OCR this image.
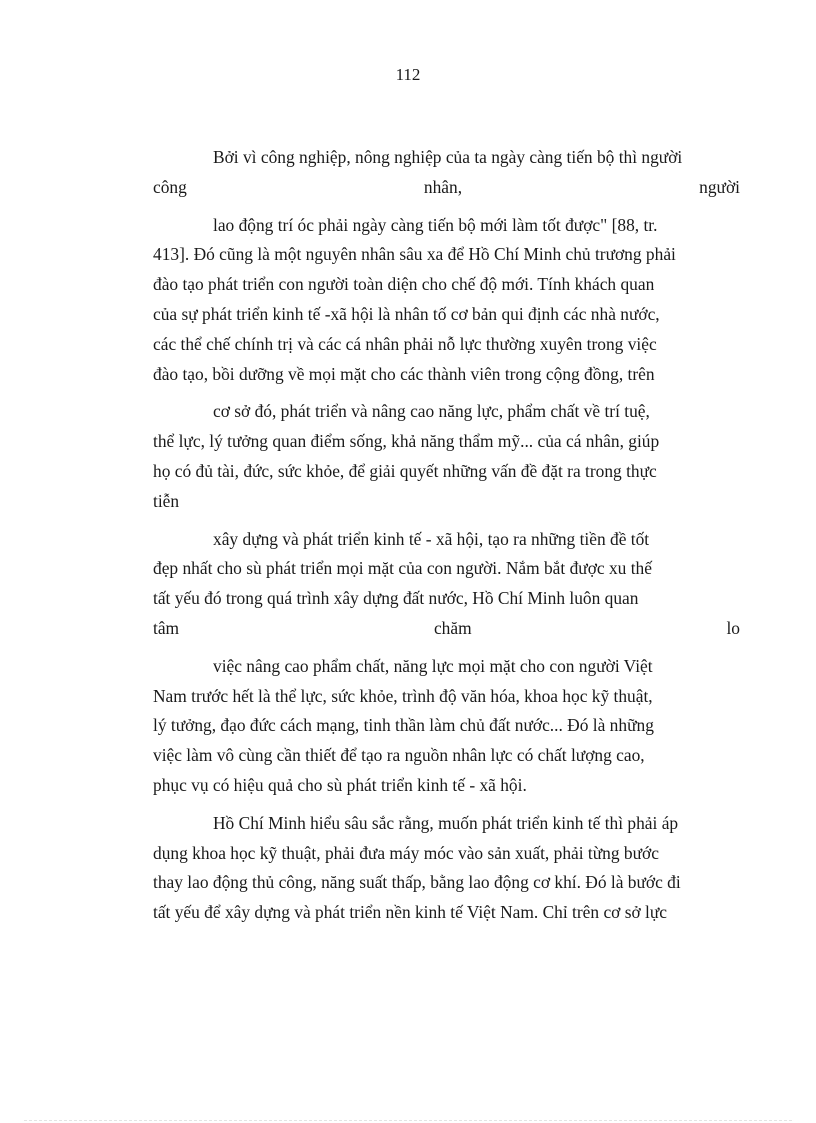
112
Bởi vì công nghiệp, nông nghiệp của ta ngày càng tiến bộ thì người
công	nhân,	người
lao động trí óc phải ngày càng tiến bộ mới làm tốt được" [88, tr.
413]. Đó cũng là một nguyên nhân sâu xa để Hồ Chí Minh chủ trương phải
đào tạo phát triển con người toàn diện cho chế độ mới. Tính khách quan
của sự phát triển kinh tế -xã hội là nhân tố cơ bản qui định các nhà nước,
các thể chế chính trị và các cá nhân phải nỗ lực thường xuyên trong việc
đào tạo, bồi dưỡng về mọi mặt cho các thành viên trong cộng đồng, trên
cơ sở đó, phát triển và nâng cao năng lực, phẩm chất về trí tuệ,
thể lực, lý tưởng quan điểm sống, khả năng thẩm mỹ... của cá nhân, giúp
họ có đủ tài, đức, sức khỏe, để giải quyết những vấn đề đặt ra trong thực
tiễn
xây dựng và phát triển kinh tế - xã hội, tạo ra những tiền đề tốt
đẹp nhất cho sù phát triển mọi mặt của con người. Nắm bắt được xu thế
tất yếu đó trong quá trình xây dựng đất nước, Hồ Chí Minh luôn quan
tâm	chăm	lo
việc nâng cao phẩm chất, năng lực mọi mặt cho con người Việt
Nam trước hết là thể lực, sức khỏe, trình độ văn hóa, khoa học kỹ thuật,
lý tưởng, đạo đức cách mạng, tinh thần làm chủ đất nước... Đó là những
việc làm vô cùng cần thiết để tạo ra nguồn nhân lực có chất lượng cao,
phục vụ có hiệu quả cho sù phát triển kinh tế - xã hội.
Hồ Chí Minh hiểu sâu sắc rằng, muốn phát triển kinh tế thì phải áp
dụng khoa học kỹ thuật, phải đưa máy móc vào sản xuất, phải từng bước
thay lao động thủ công, năng suất thấp, bằng lao động cơ khí. Đó là bước đi
tất yếu để xây dựng và phát triển nền kinh tế Việt Nam. Chỉ trên cơ sở lực
